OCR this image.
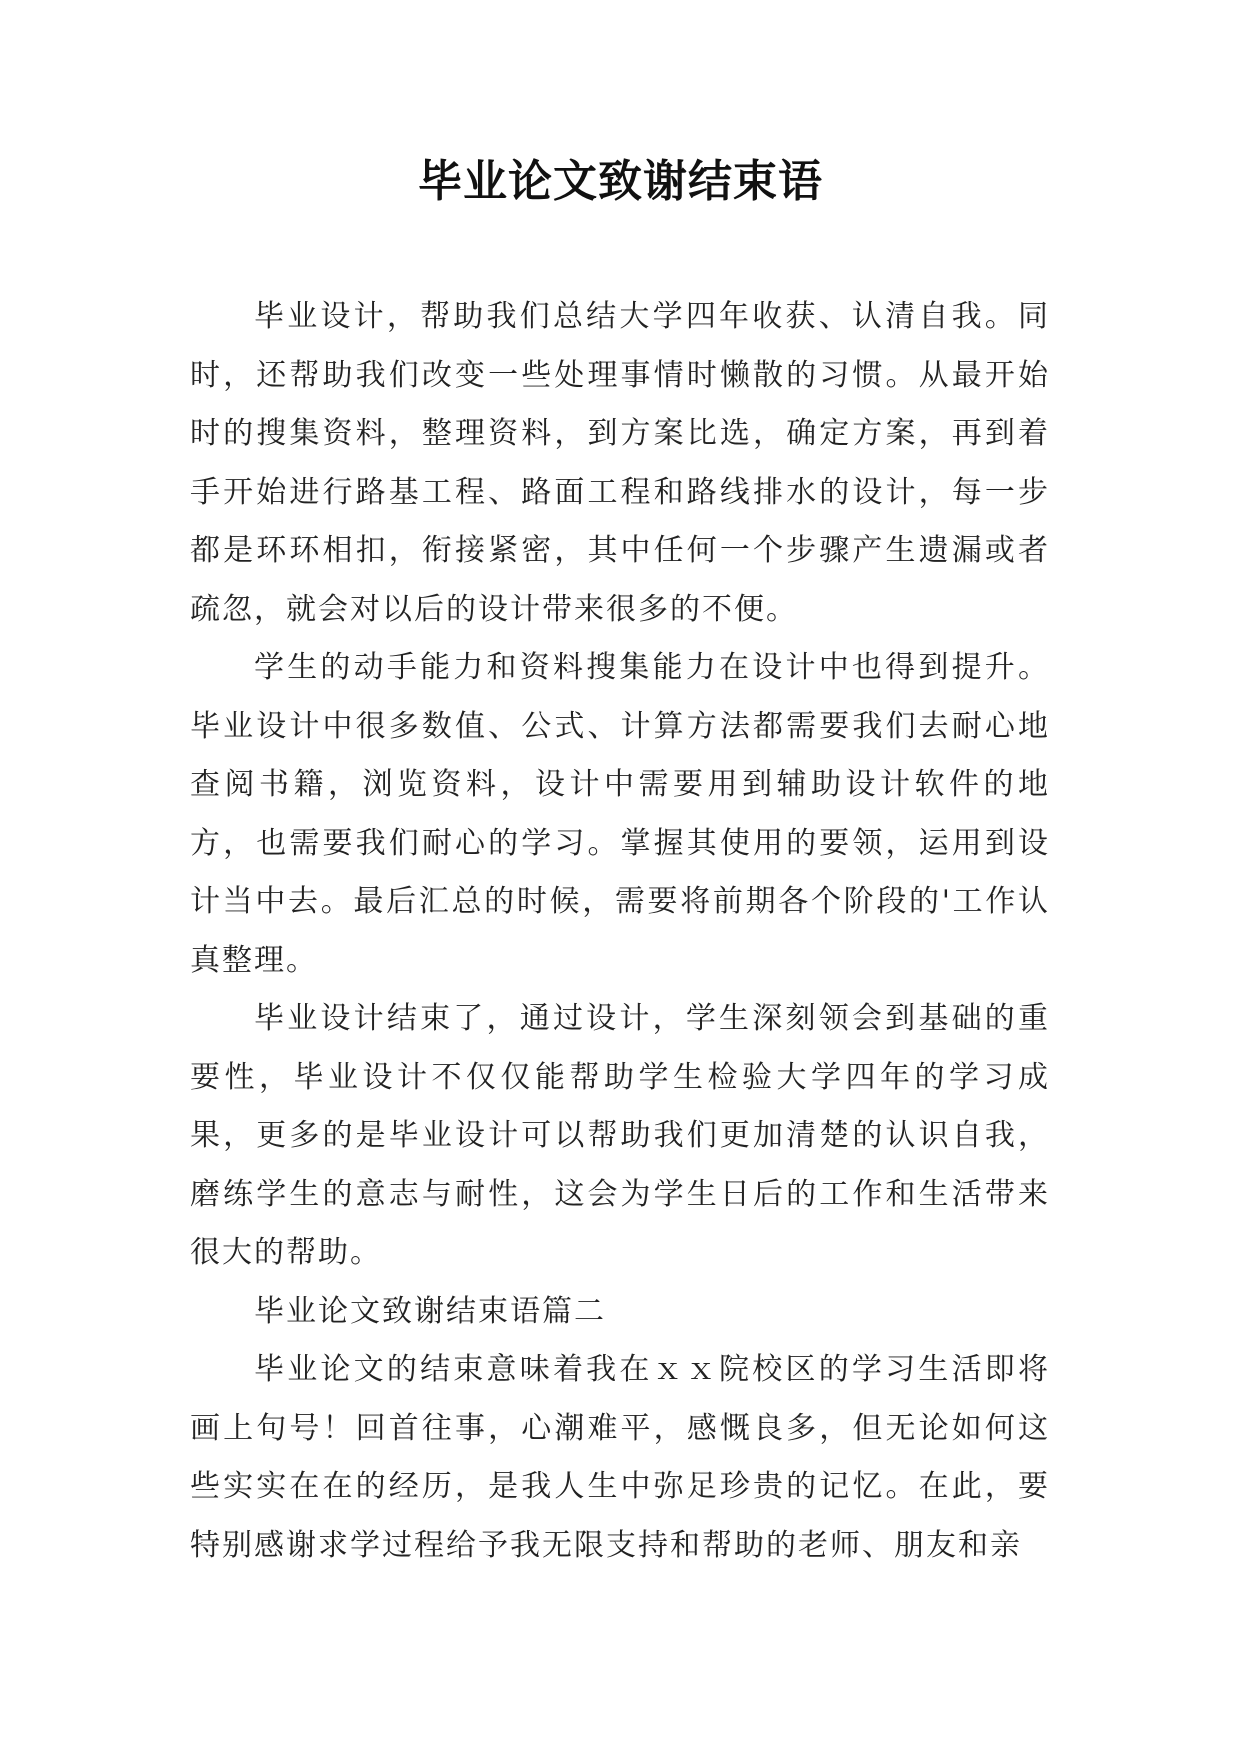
毕业论文致谢结束语

毕业设计，帮助我们总结大学四年收获、认清自我。同时，还帮助我们改变一些处理事情时懒散的习惯。从最开始时的搜集资料，整理资料，到方案比选，确定方案，再到着手开始进行路基工程、路面工程和路线排水的设计，每一步都是环环相扣，衔接紧密，其中任何一个步骤产生遗漏或者疏忽，就会对以后的设计带来很多的不便。

学生的动手能力和资料搜集能力在设计中也得到提升。毕业设计中很多数值、公式、计算方法都需要我们去耐心地查阅书籍，浏览资料，设计中需要用到辅助设计软件的地方，也需要我们耐心的学习。掌握其使用的要领，运用到设计当中去。最后汇总的时候，需要将前期各个阶段的'工作认真整理。

毕业设计结束了，通过设计，学生深刻领会到基础的重要性，毕业设计不仅仅能帮助学生检验大学四年的学习成果，更多的是毕业设计可以帮助我们更加清楚的认识自我，磨练学生的意志与耐性，这会为学生日后的工作和生活带来很大的帮助。

毕业论文致谢结束语篇二

毕业论文的结束意味着我在ｘｘ院校区的学习生活即将画上句号！回首往事，心潮难平，感慨良多，但无论如何这些实实在在的经历，是我人生中弥足珍贵的记忆。在此，要特别感谢求学过程给予我无限支持和帮助的老师、朋友和亲
